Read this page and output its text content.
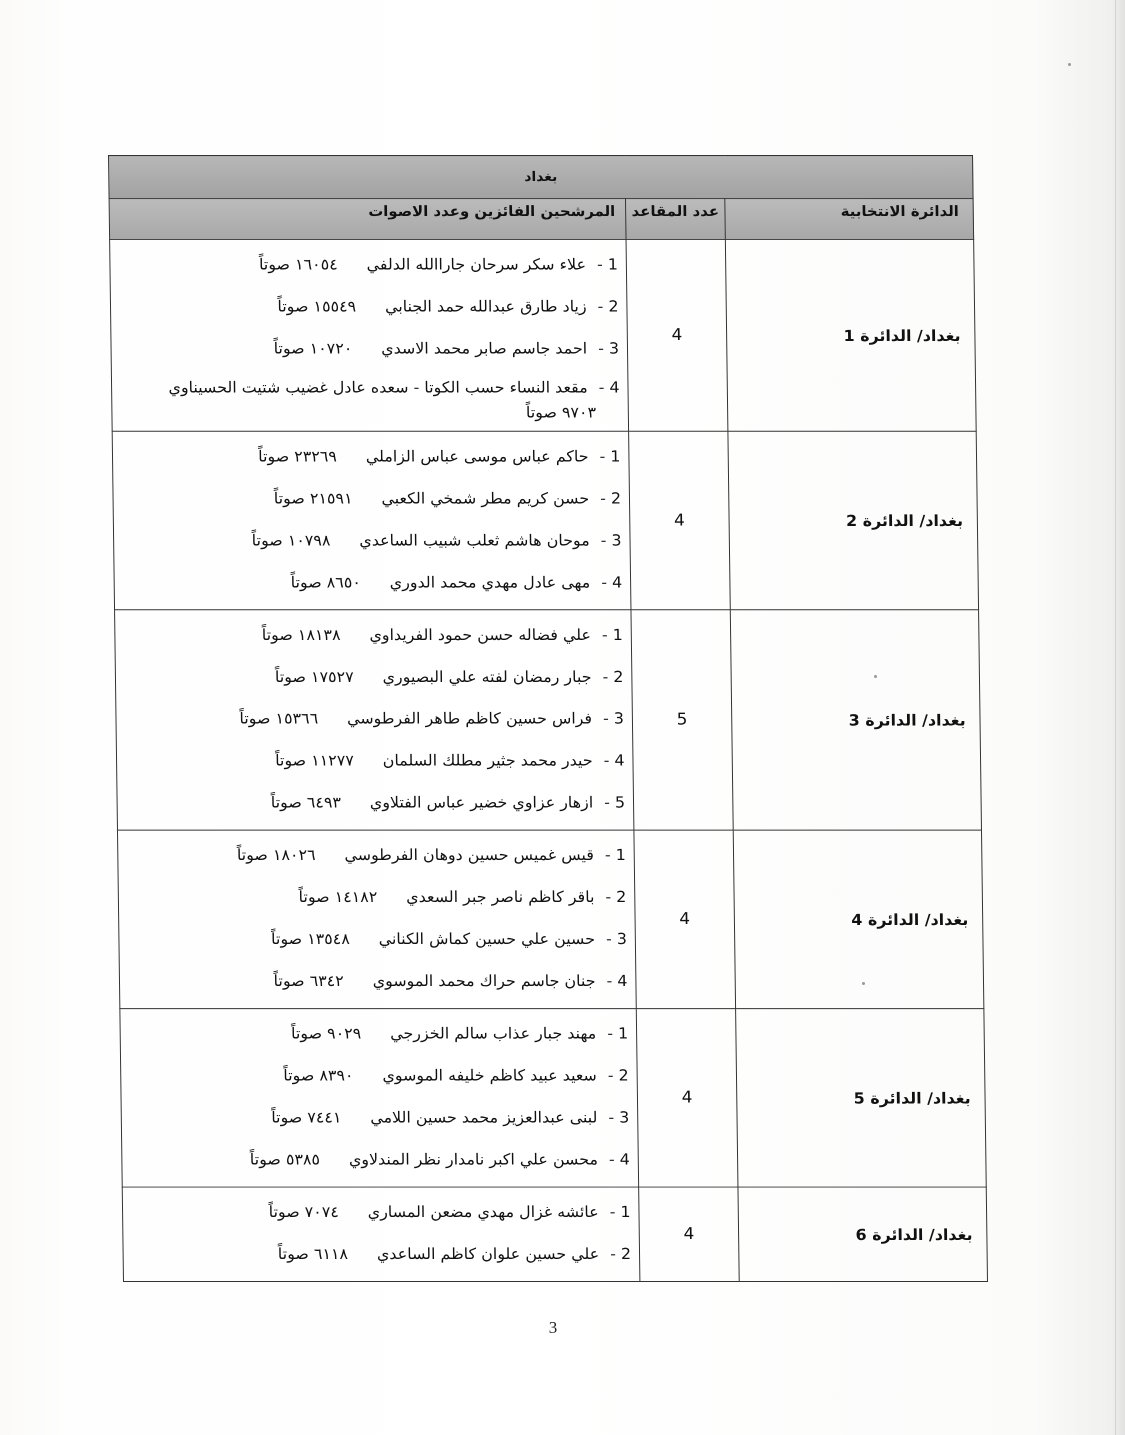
بغداد		
المرشحين الفائزين وعدد الاصوات	عدد المقاعد	الدائرة الانتخابية

1 - علاء سكر سرحان جاراالله الدلفي ١٦٠٥٤ صوتاً
2 - زياد طارق عبدالله حمد الجنابي ١٥٥٤٩ صوتاً
3 - احمد جاسم صابر محمد الاسدي ١٠٧٢٠ صوتاً
4 - مقعد النساء حسب الكوتا - سعده عادل غضيب شتيت الحسيناوي ٩٧٠٣ صوتاً	4	بغداد/ الدائرة 1

1 - حاكم عباس موسى عباس الزاملي ٢٣٢٦٩ صوتاً
2 - حسن كريم مطر شمخي الكعبي ٢١٥٩١ صوتاً
3 - موحان هاشم ثعلب شبيب الساعدي ١٠٧٩٨ صوتاً
4 - مهى عادل مهدي محمد الدوري ٨٦٥٠ صوتاً	4	بغداد/ الدائرة 2

1 - علي فضاله حسن حمود الفريداوي ١٨١٣٨ صوتاً
2 - جبار رمضان لفته علي البصيوري ١٧٥٢٧ صوتاً
3 - فراس حسين كاظم طاهر الفرطوسي ١٥٣٦٦ صوتاً
4 - حيدر محمد جثير مطلك السلمان ١١٢٧٧ صوتاً
5 - ازهار عزاوي خضير عباس الفتلاوي ٦٤٩٣ صوتاً	5	بغداد/ الدائرة 3

1 - قيس غميس حسين دوهان الفرطوسي ١٨٠٢٦ صوتاً
2 - باقر كاظم ناصر جبر السعدي ١٤١٨٢ صوتاً
3 - حسين علي حسين كماش الكناني ١٣٥٤٨ صوتاً
4 - جنان جاسم حراك محمد الموسوي ٦٣٤٢ صوتاً	4	بغداد/ الدائرة 4

1 - مهند جبار عذاب سالم الخزرجي ٩٠٢٩ صوتاً
2 - سعيد عبيد كاظم خليفه الموسوي ٨٣٩٠ صوتاً
3 - لبنى عبدالعزيز محمد حسين اللامي ٧٤٤١ صوتاً
4 - محسن علي اكبر نامدار نظر المندلاوي ٥٣٨٥ صوتاً	4	بغداد/ الدائرة 5

1 - عائشه غزال مهدي مضعن المساري ٧٠٧٤ صوتاً
2 - علي حسين علوان كاظم الساعدي ٦١١٨ صوتاً	4	بغداد/ الدائرة 6
3
